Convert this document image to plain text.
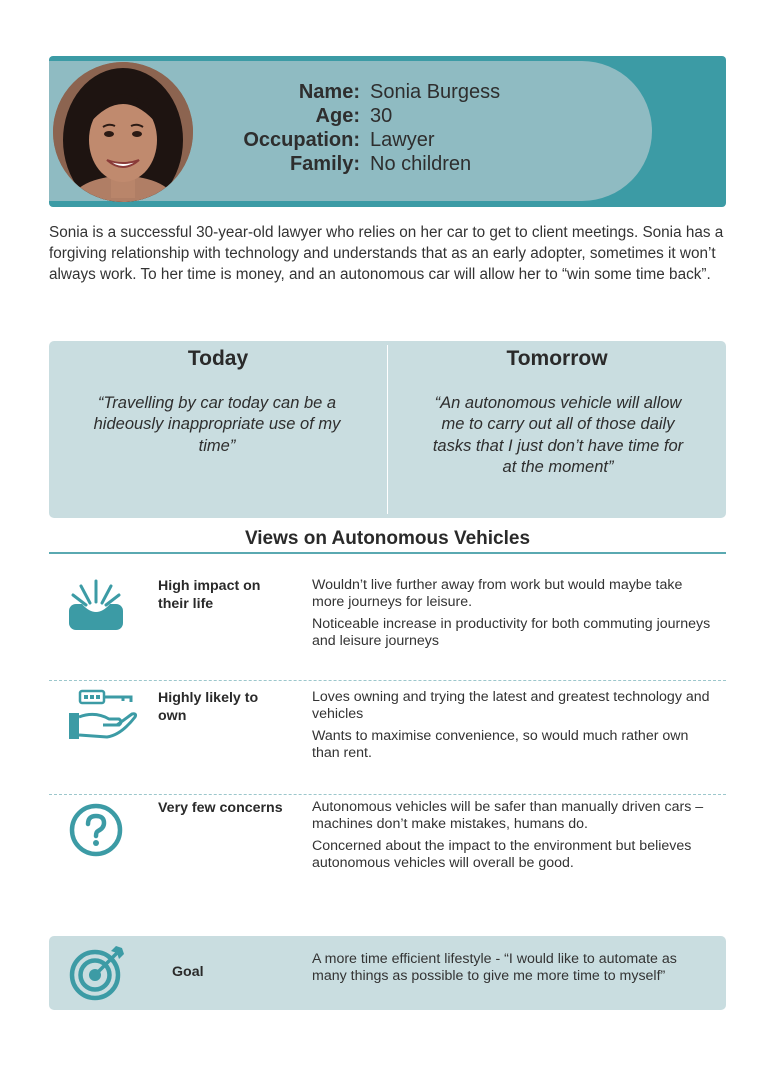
Name: Sonia Burgess
Age: 30
Occupation: Lawyer
Family: No children
Sonia is a successful 30-year-old lawyer who relies on her car to get to client meetings. Sonia has a forgiving relationship with technology and understands that as an early adopter, sometimes it won’t always work. To her time is money, and an autonomous car will allow her to “win some time back”.
Today
“Travelling by car today can be a hideously inappropriate use of my time”
Tomorrow
“An autonomous vehicle will allow me to carry out all of those daily tasks that I just don’t have time for at the moment”
Views on Autonomous Vehicles
High impact on their life
Wouldn’t live further away from work but would maybe take more journeys for leisure.
Noticeable increase in productivity for both commuting journeys and leisure journeys
Highly likely to own
Loves owning and trying the latest and greatest technology and vehicles
Wants to maximise convenience, so would much rather own than rent.
Very few concerns	Autonomous vehicles will be safer than manually driven cars – machines don’t make mistakes, humans do.
Concerned about the impact to the environment but believes autonomous vehicles will overall be good.
Goal
A more time efficient lifestyle - “I would like to automate as many things as possible to give me more time to myself”
